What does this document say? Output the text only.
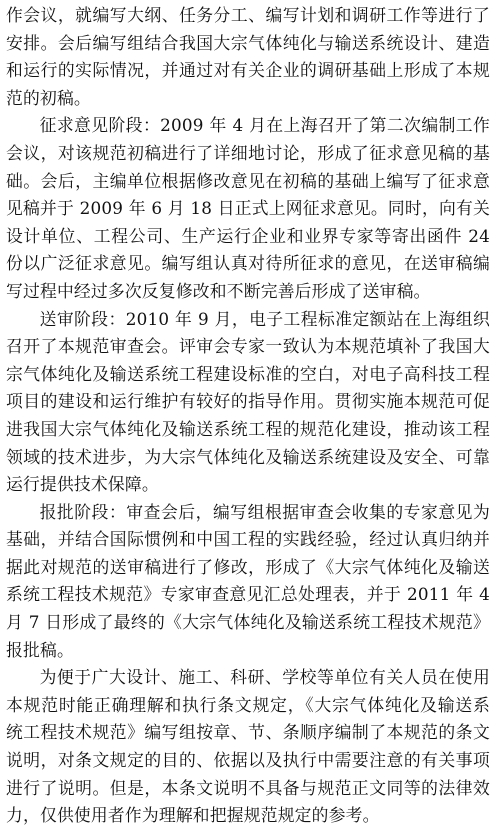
作会议，就编写大纲、任务分工、编写计划和调研工作等进行了安排。会后编写组结合我国大宗气体纯化与输送系统设计、建造和运行的实际情况，并通过对有关企业的调研基础上形成了本规范的初稿。

征求意见阶段：2009 年 4 月在上海召开了第二次编制工作会议，对该规范初稿进行了详细地讨论，形成了征求意见稿的基础。会后，主编单位根据修改意见在初稿的基础上编写了征求意见稿并于 2009 年 6 月 18 日正式上网征求意见。同时，向有关设计单位、工程公司、生产运行企业和业界专家等寄出函件 24 份以广泛征求意见。编写组认真对待所征求的意见，在送审稿编写过程中经过多次反复修改和不断完善后形成了送审稿。

送审阶段：2010 年 9 月，电子工程标准定额站在上海组织召开了本规范审查会。评审会专家一致认为本规范填补了我国大宗气体纯化及输送系统工程建设标准的空白，对电子高科技工程项目的建设和运行维护有较好的指导作用。贯彻实施本规范可促进我国大宗气体纯化及输送系统工程的规范化建设，推动该工程领域的技术进步，为大宗气体纯化及输送系统建设及安全、可靠运行提供技术保障。

报批阶段：审查会后，编写组根据审查会收集的专家意见为基础，并结合国际惯例和中国工程的实践经验，经过认真归纳并据此对规范的送审稿进行了修改，形成了《大宗气体纯化及输送系统工程技术规范》专家审查意见汇总处理表，并于 2011 年 4 月 7 日形成了最终的《大宗气体纯化及输送系统工程技术规范》报批稿。

为便于广大设计、施工、科研、学校等单位有关人员在使用本规范时能正确理解和执行条文规定，《大宗气体纯化及输送系统工程技术规范》编写组按章、节、条顺序编制了本规范的条文说明，对条文规定的目的、依据以及执行中需要注意的有关事项进行了说明。但是，本条文说明不具备与规范正文同等的法律效力，仅供使用者作为理解和把握规范规定的参考。
